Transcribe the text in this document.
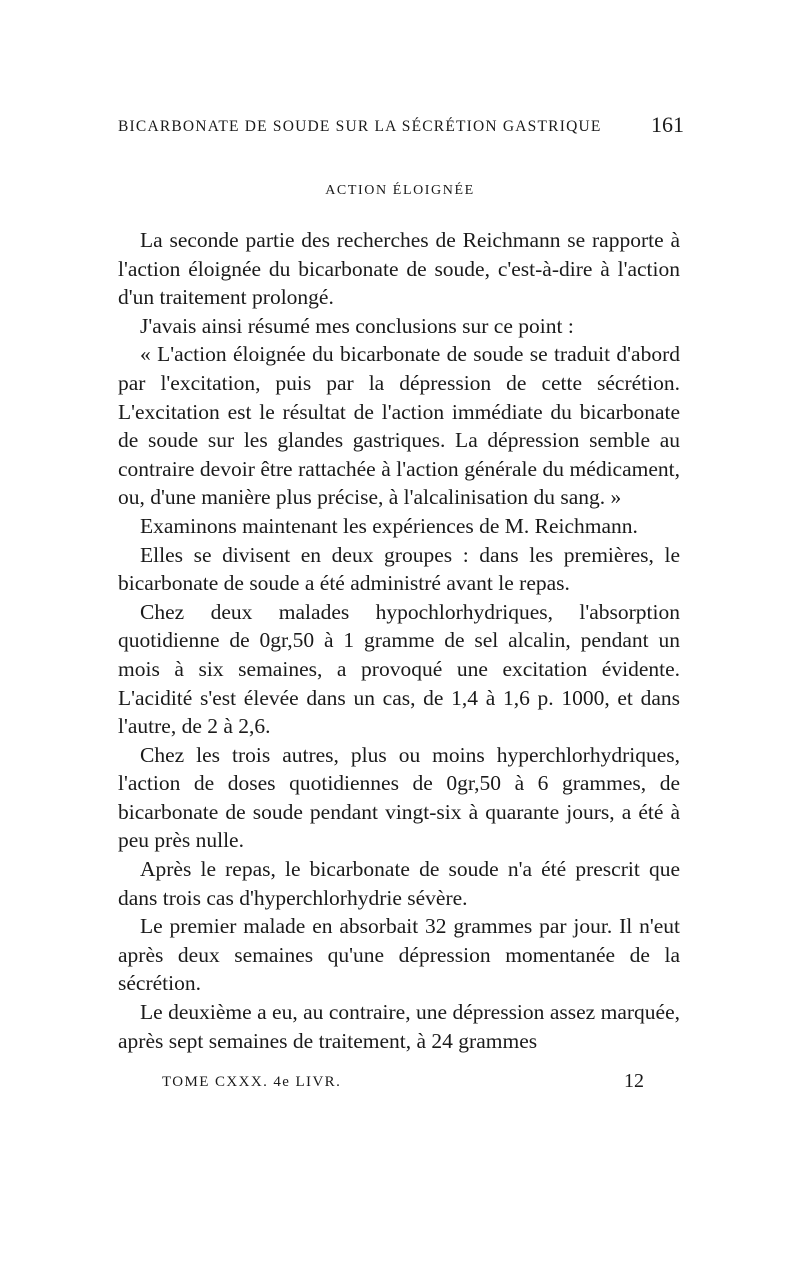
BICARBONATE DE SOUDE SUR LA SÉCRÉTION GASTRIQUE 161
ACTION ÉLOIGNÉE

La seconde partie des recherches de Reichmann se rapporte à l'action éloignée du bicarbonate de soude, c'est-à-dire à l'action d'un traitement prolongé.

J'avais ainsi résumé mes conclusions sur ce point :

« L'action éloignée du bicarbonate de soude se traduit d'abord par l'excitation, puis par la dépression de cette sécrétion. L'excitation est le résultat de l'action immédiate du bicarbonate de soude sur les glandes gastriques. La dépression semble au contraire devoir être rattachée à l'action générale du médicament, ou, d'une manière plus précise, à l'alcalinisation du sang. »

Examinons maintenant les expériences de M. Reichmann.

Elles se divisent en deux groupes : dans les premières, le bicarbonate de soude a été administré avant le repas.

Chez deux malades hypochlorhydriques, l'absorption quotidienne de 0gr,50 à 1 gramme de sel alcalin, pendant un mois à six semaines, a provoqué une excitation évidente. L'acidité s'est élevée dans un cas, de 1,4 à 1,6 p. 1000, et dans l'autre, de 2 à 2,6.

Chez les trois autres, plus ou moins hyperchlorhydriques, l'action de doses quotidiennes de 0gr,50 à 6 grammes, de bicarbonate de soude pendant vingt-six à quarante jours, a été à peu près nulle.

Après le repas, le bicarbonate de soude n'a été prescrit que dans trois cas d'hyperchlorhydrie sévère.

Le premier malade en absorbait 32 grammes par jour. Il n'eut après deux semaines qu'une dépression momentanée de la sécrétion.

Le deuxième a eu, au contraire, une dépression assez marquée, après sept semaines de traitement, à 24 grammes

TOME CXXX. 4e LIVR.	12
